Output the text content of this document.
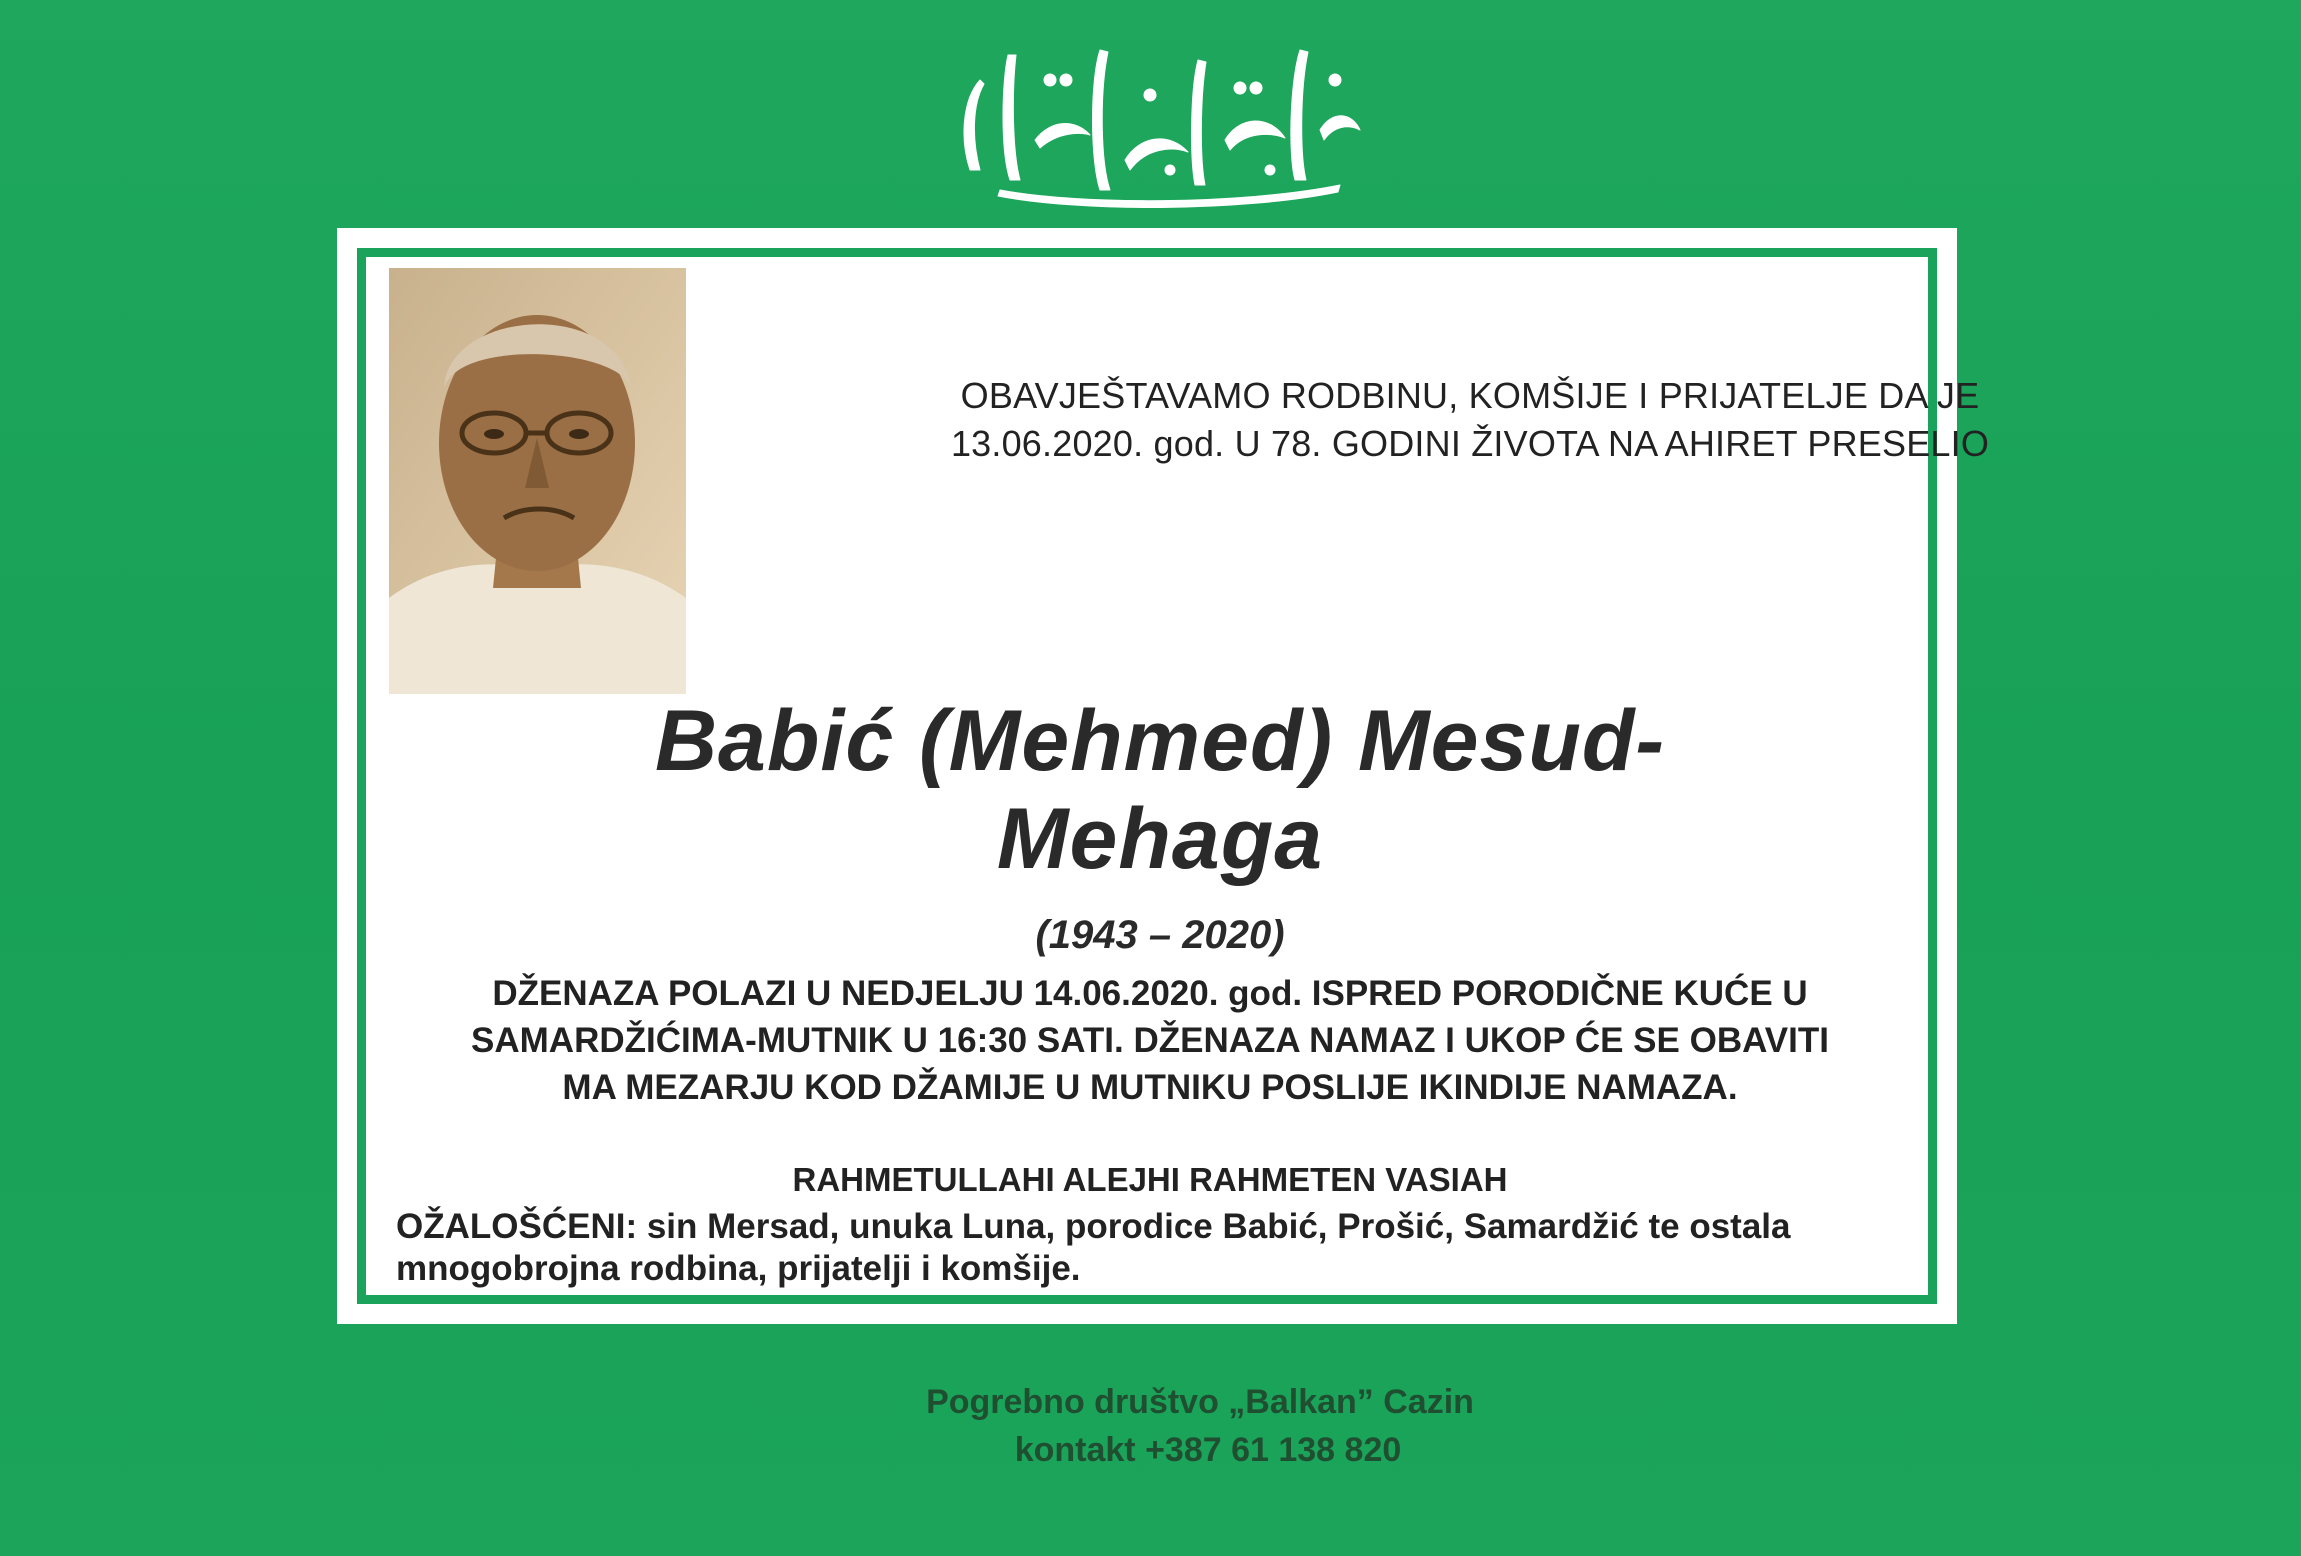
OBAVJEŠTAVAMO RODBINU, KOMŠIJE I PRIJATELJE DA JE
13.06.2020. god. U 78. GODINI ŽIVOTA NA AHIRET PRESELIO
Babić (Mehmed) Mesud-
Mehaga
(1943 – 2020)
DŽENAZA POLAZI U NEDJELJU 14.06.2020. god. ISPRED PORODIČNE KUĆE U
SAMARDŽIĆIMA-MUTNIK U 16:30 SATI. DŽENAZA NAMAZ I UKOP ĆE SE OBAVITI
MA MEZARJU KOD DŽAMIJE U MUTNIKU POSLIJE IKINDIJE NAMAZA.
RAHMETULLAHI ALEJHI RAHMETEN VASIAH
OŽALOŠĆENI: sin Mersad, unuka Luna, porodice Babić, Prošić, Samardžić te ostala
mnogobrojna rodbina, prijatelji i komšije.
Pogrebno društvo „Balkan” Cazin
kontakt +387 61 138 820
